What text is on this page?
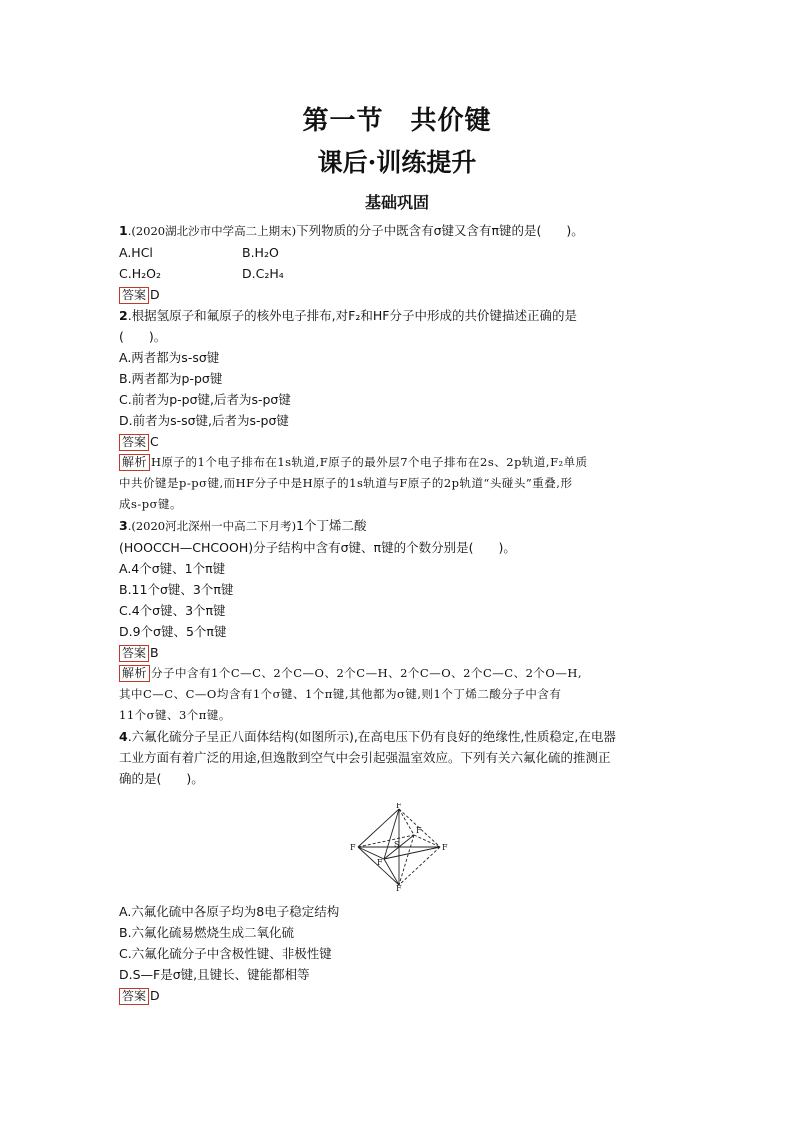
第一节　共价键
课后·训练提升
基础巩固
1.(2020湖北沙市中学高二上期末)下列物质的分子中既含有σ键又含有π键的是(　　)。
A.HCl	B.H₂O
C.H₂O₂	D.C₂H₄
答案 D
2.根据氢原子和氟原子的核外电子排布,对F₂和HF分子中形成的共价键描述正确的是
(　　)。
A.两者都为s-sσ键
B.两者都为p-pσ键
C.前者为p-pσ键,后者为s-pσ键
D.前者为s-sσ键,后者为s-pσ键
答案 C
解析 H原子的1个电子排布在1s轨道,F原子的最外层7个电子排布在2s、2p轨道,F₂单质
中共价键是p-pσ键,而HF分子中是H原子的1s轨道与F原子的2p轨道“头碰头”重叠,形
成s-pσ键。
3.(2020河北深州一中高二下月考)1个丁烯二酸
(HOOCCH—CHCOOH)分子结构中含有σ键、π键的个数分别是(　　)。
A.4个σ键、1个π键
B.11个σ键、3个π键
C.4个σ键、3个π键
D.9个σ键、5个π键
答案 B
解析 分子中含有1个C—C、2个C—O、2个C—H、2个C—O、2个C—C、2个O—H,
其中C—C、C—O均含有1个σ键、1个π键,其他都为σ键,则1个丁烯二酸分子中含有
11个σ键、3个π键。
4.六氟化硫分子呈正八面体结构(如图所示),在高电压下仍有良好的绝缘性,性质稳定,在电器
工业方面有着广泛的用途,但逸散到空气中会引起强温室效应。下列有关六氟化硫的推测正
确的是(　　)。
F
F	F
F
F
F
S
A.六氟化硫中各原子均为8电子稳定结构
B.六氟化硫易燃烧生成二氧化硫
C.六氟化硫分子中含极性键、非极性键
D.S—F是σ键,且键长、键能都相等
答案 D
